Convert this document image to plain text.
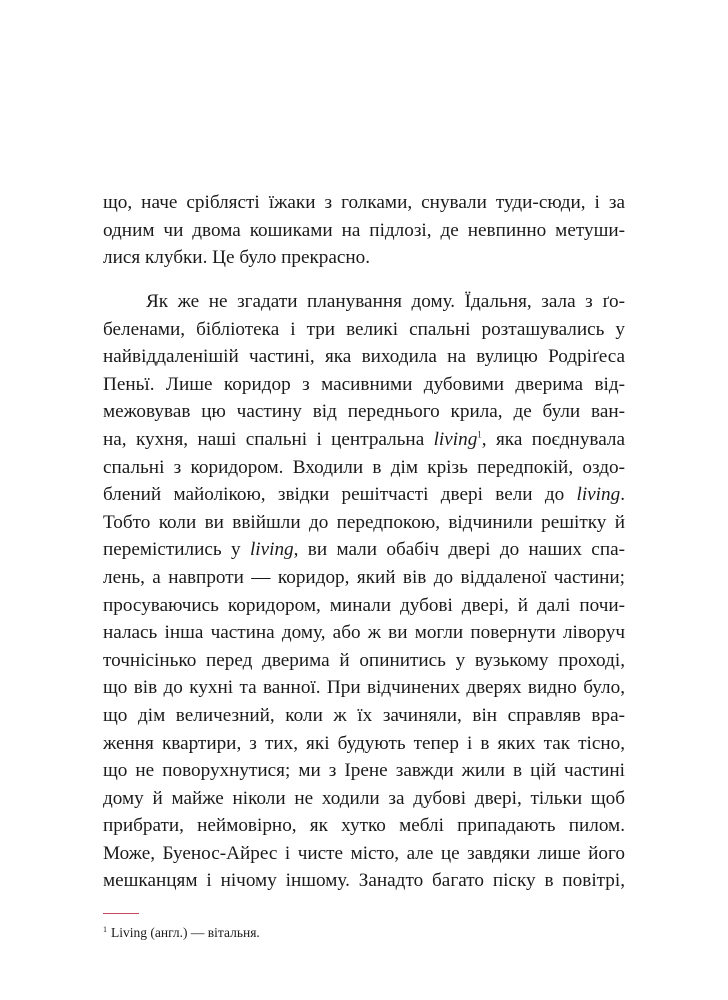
що, наче сріблясті їжаки з голками, снували туди-сюди, і за
одним чи двома кошиками на підлозі, де невпинно метуши-
лися клубки. Це було прекрасно.
Як же не згадати планування дому. Їдальня, зала з ґо-
беленами, бібліотека і три великі спальні розташувались у
найвіддаленішій частині, яка виходила на вулицю Родріґеса
Пеньї. Лише коридор з масивними дубовими дверима від-
межовував цю частину від переднього крила, де були ван-
на, кухня, наші спальні і центральна living$^1$, яка поєднувала
спальні з коридором. Входили в дім крізь передпокій, оздо-
блений майолікою, звідки решітчасті двері вели до living.
Тобто коли ви ввійшли до передпокою, відчинили решітку й
перемістились у living, ви мали обабіч двері до наших спа-
лень, а навпроти — коридор, який вів до віддаленої частини;
просуваючись коридором, минали дубові двері, й далі почи-
налась інша частина дому, або ж ви могли повернути ліворуч
точнісінько перед дверима й опинитись у вузькому проході,
що вів до кухні та ванної. При відчинених дверях видно було,
що дім величезний, коли ж їх зачиняли, він справляв вра-
ження квартири, з тих, які будують тепер і в яких так тісно,
що не поворухнутися; ми з Ірене завжди жили в цій частині
дому й майже ніколи не ходили за дубові двері, тільки щоб
прибрати, неймовірно, як хутко меблі припадають пилом.
Може, Буенос-Айрес і чисте місто, але це завдяки лише його
мешканцям і нічому іншому. Занадто багато піску в повітрі,
$^1$ Living (англ.) — вітальня.
